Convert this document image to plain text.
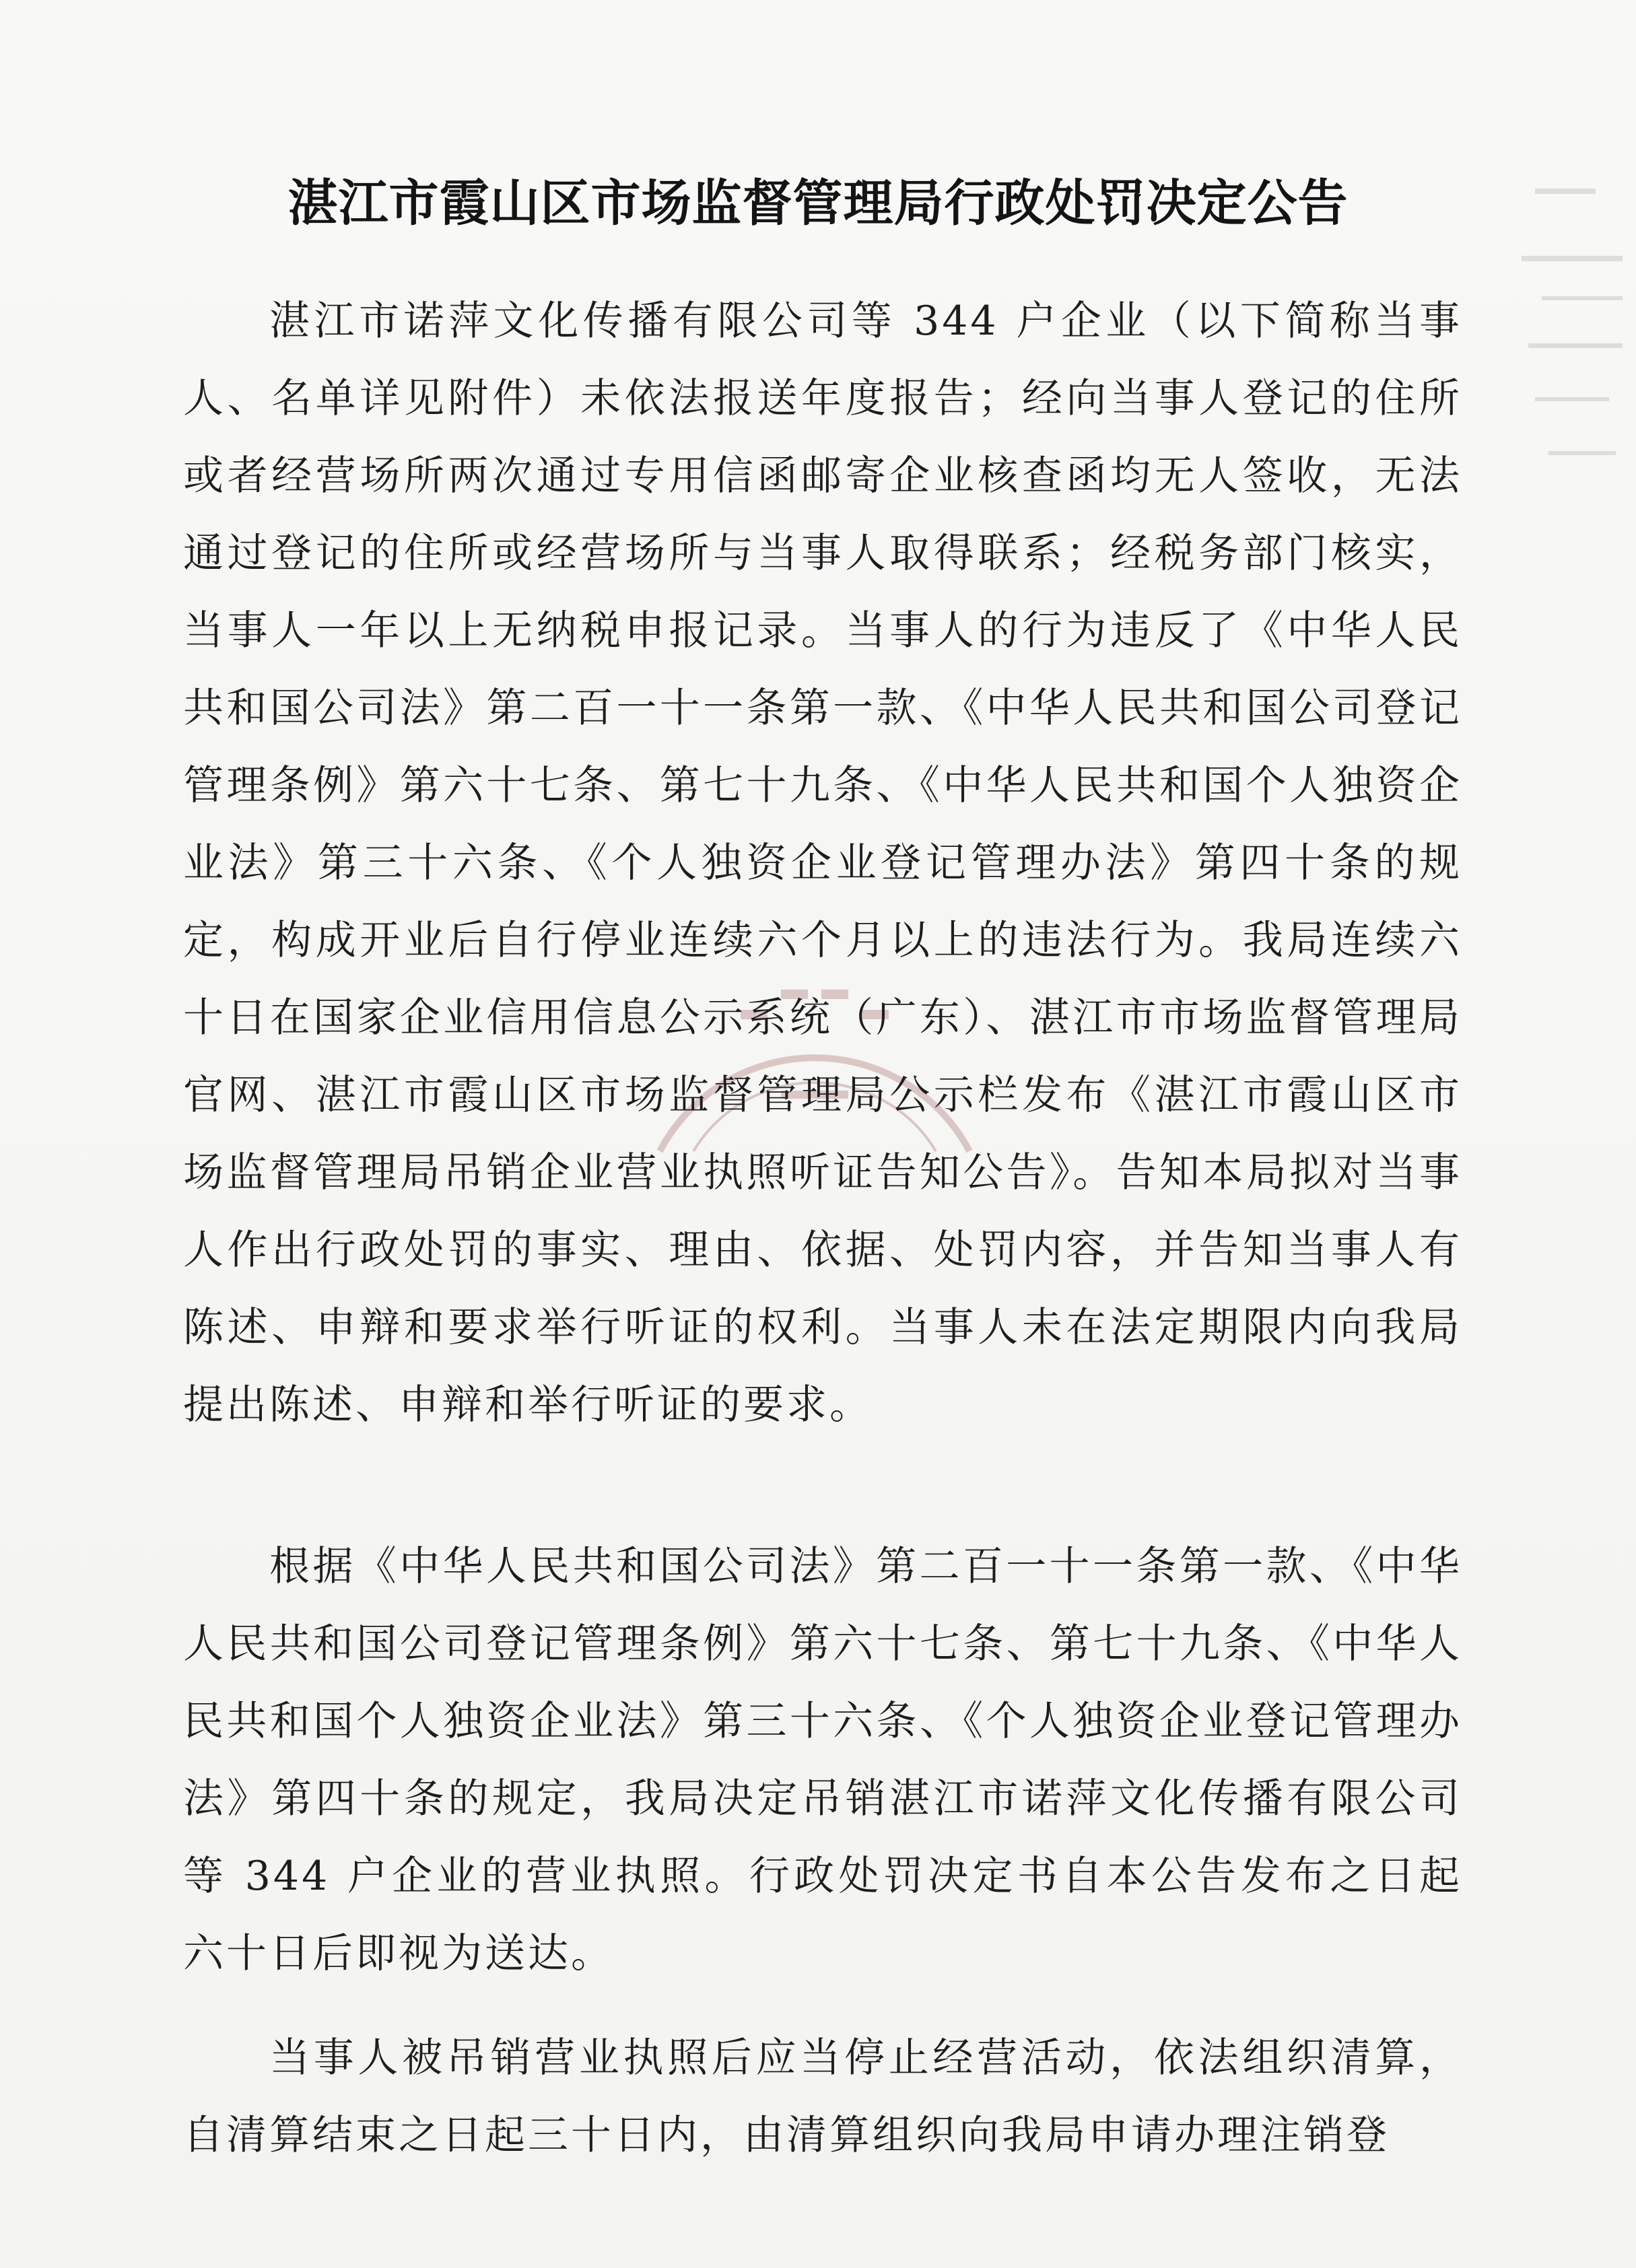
湛江市霞山区市场监督管理局行政处罚决定公告

湛江市诺萍文化传播有限公司等 344 户企业（以下简称当事人、名单详见附件）未依法报送年度报告；经向当事人登记的住所或者经营场所两次通过专用信函邮寄企业核查函均无人签收，无法通过登记的住所或经营场所与当事人取得联系；经税务部门核实，当事人一年以上无纳税申报记录。当事人的行为违反了《中华人民共和国公司法》第二百一十一条第一款、《中华人民共和国公司登记管理条例》第六十七条、第七十九条、《中华人民共和国个人独资企业法》第三十六条、《个人独资企业登记管理办法》第四十条的规定，构成开业后自行停业连续六个月以上的违法行为。我局连续六十日在国家企业信用信息公示系统（广东）、湛江市市场监督管理局官网、湛江市霞山区市场监督管理局公示栏发布《湛江市霞山区市场监督管理局吊销企业营业执照听证告知公告》。告知本局拟对当事人作出行政处罚的事实、理由、依据、处罚内容，并告知当事人有陈述、申辩和要求举行听证的权利。当事人未在法定期限内向我局提出陈述、申辩和举行听证的要求。

根据《中华人民共和国公司法》第二百一十一条第一款、《中华人民共和国公司登记管理条例》第六十七条、第七十九条、《中华人民共和国个人独资企业法》第三十六条、《个人独资企业登记管理办法》第四十条的规定，我局决定吊销湛江市诺萍文化传播有限公司等 344 户企业的营业执照。行政处罚决定书自本公告发布之日起六十日后即视为送达。

当事人被吊销营业执照后应当停止经营活动，依法组织清算，自清算结束之日起三十日内，由清算组织向我局申请办理注销登
